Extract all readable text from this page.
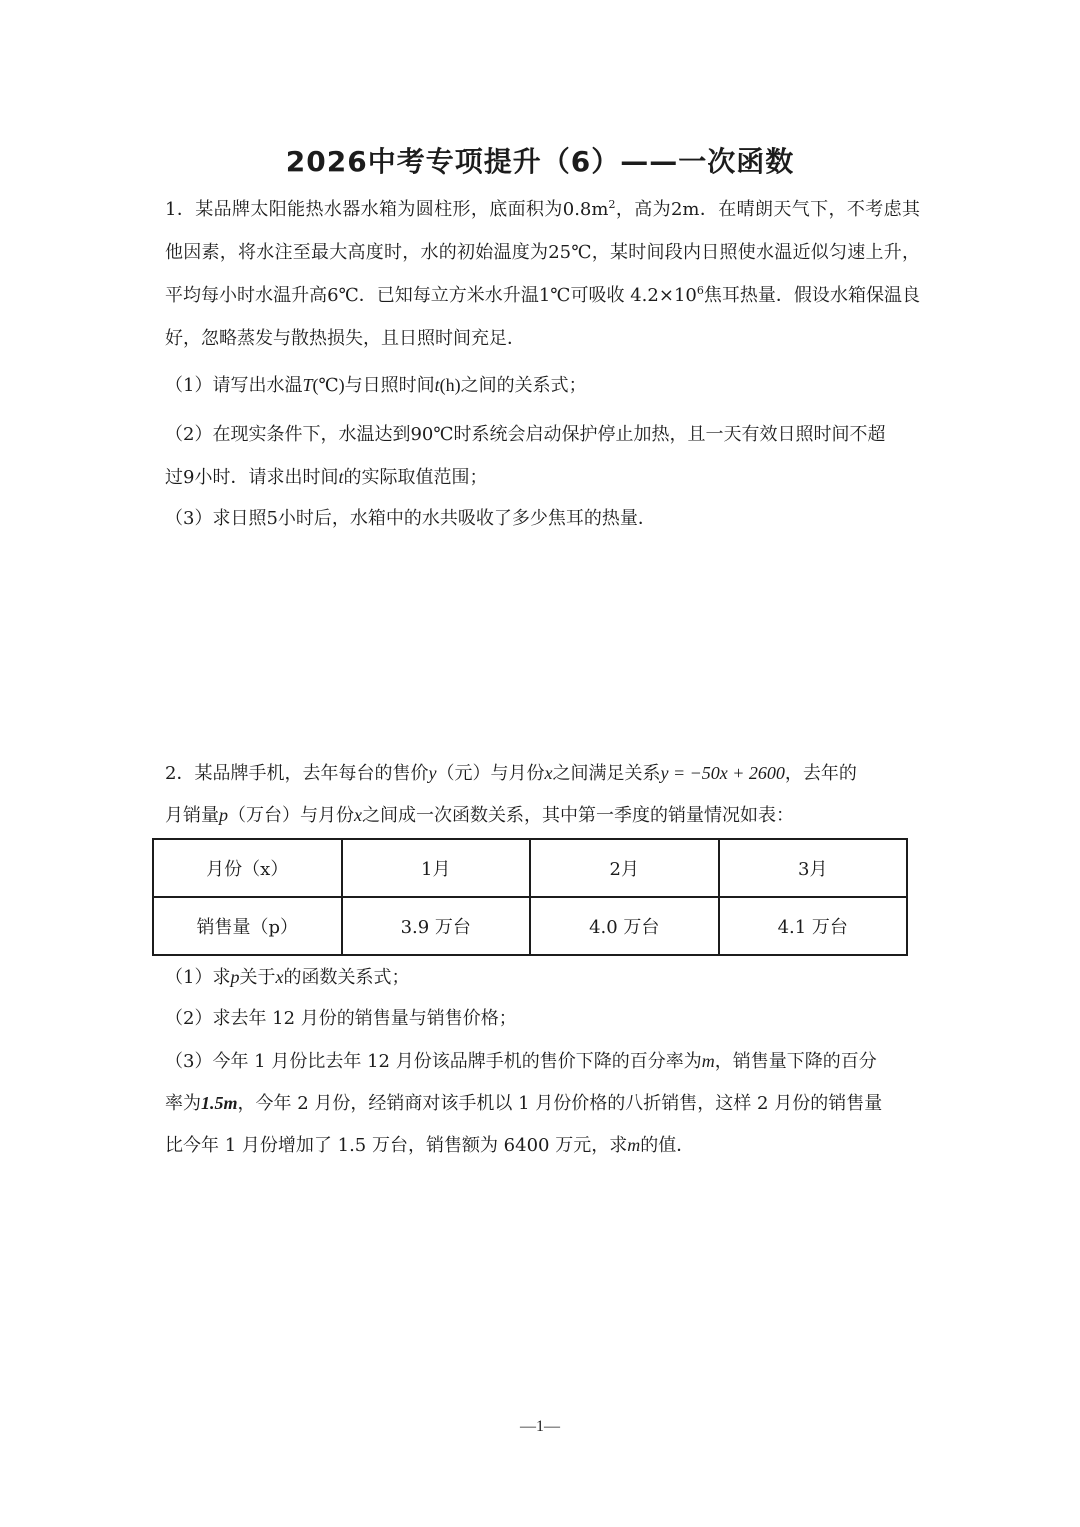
2026中考专项提升（6）——一次函数
1．某品牌太阳能热水器水箱为圆柱形，底面积为$0.8m^2$，高为2m．在晴朗天气下，不考虑其他因素，将水注至最大高度时，水的初始温度为25℃，某时间段内日照使水温近似匀速上升，平均每小时水温升高6℃．已知每立方米水升温1℃可吸收 $4.2\times 10^6$焦耳热量．假设水箱保温良好，忽略蒸发与散热损失，且日照时间充足．
（1）请写出水温T(℃)与日照时间t(h)之间的关系式；
（2）在现实条件下，水温达到90℃时系统会启动保护停止加热，且一天有效日照时间不超
过9小时．请求出时间t的实际取值范围；
（3）求日照5小时后，水箱中的水共吸收了多少焦耳的热量．
2．某品牌手机，去年每台的售价y（元）与月份x之间满足关系y = −50x + 2600，去年的
月销量p（万台）与月份x之间成一次函数关系，其中第一季度的销量情况如表：
月份（x）	1月	2月	3月
销售量（p）	3.9 万台	4.0 万台	4.1 万台
（1）求p关于x的函数关系式；
（2）求去年 12 月份的销售量与销售价格；
（3）今年 1 月份比去年 12 月份该品牌手机的售价下降的百分率为m，销售量下降的百分
率为1.5m，今年 2 月份，经销商对该手机以 1 月份价格的八折销售，这样 2 月份的销售量
比今年 1 月份增加了 1.5 万台，销售额为 6400 万元，求m的值．
—1—
